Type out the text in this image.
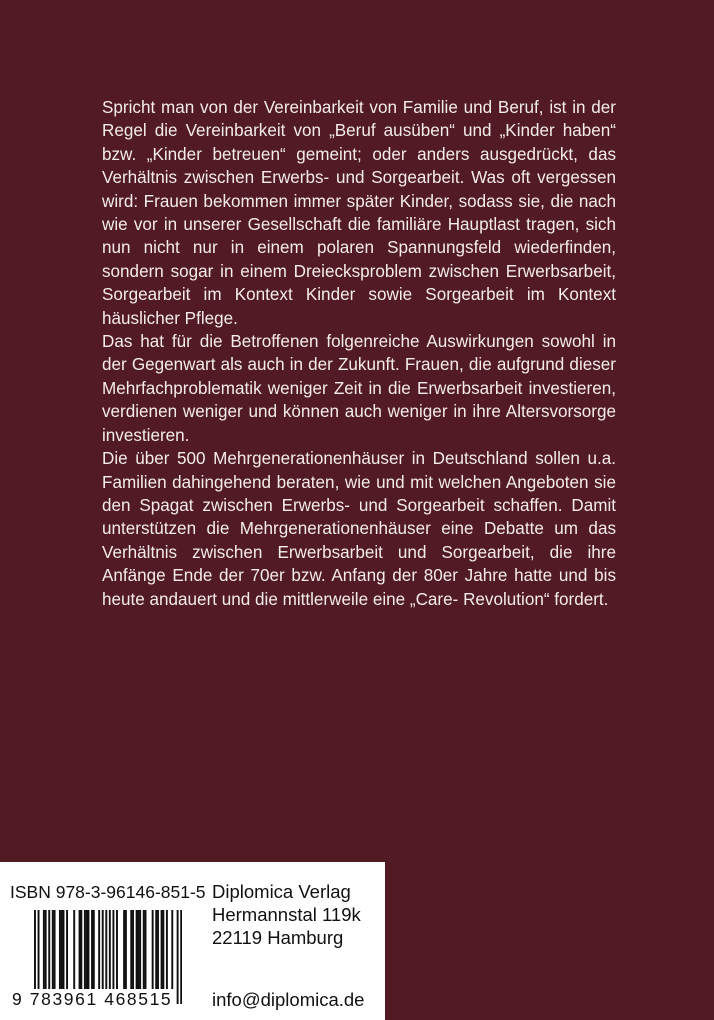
Spricht man von der Vereinbarkeit von Familie und Beruf, ist in der Regel die Vereinbarkeit von „Beruf ausüben“ und „Kinder haben“ bzw. „Kinder betreuen“ gemeint; oder anders ausgedrückt, das Verhältnis zwischen Erwerbs- und Sorgearbeit. Was oft vergessen wird: Frauen bekommen immer später Kinder, sodass sie, die nach wie vor in unserer Gesellschaft die familiäre Hauptlast tragen, sich nun nicht nur in einem polaren Spannungsfeld wiederfinden, sondern sogar in einem Dreiecksproblem zwischen Erwerbsarbeit, Sorgearbeit im Kontext Kinder sowie Sorgearbeit im Kontext häuslicher Pflege.

Das hat für die Betroffenen folgenreiche Auswirkungen sowohl in der Gegenwart als auch in der Zukunft. Frauen, die aufgrund dieser Mehrfachproblematik weniger Zeit in die Erwerbsarbeit investieren, verdienen weniger und können auch weniger in ihre Altersvorsorge investieren.

Die über 500 Mehrgenerationenhäuser in Deutschland sollen u.a. Familien dahingehend beraten, wie und mit welchen Angeboten sie den Spagat zwischen Erwerbs- und Sorgearbeit schaffen. Damit unterstützen die Mehrgenerationenhäuser eine Debatte um das Verhältnis zwischen Erwerbsarbeit und Sorgearbeit, die ihre Anfänge Ende der 70er bzw. Anfang der 80er Jahre hatte und bis heute andauert und die mittlerweile eine „Care- Revolution“ fordert.

ISBN 978-3-96146-851-5
9 783961 468515
Diplomica Verlag
Hermannstal 119k
22119 Hamburg
info@diplomica.de
